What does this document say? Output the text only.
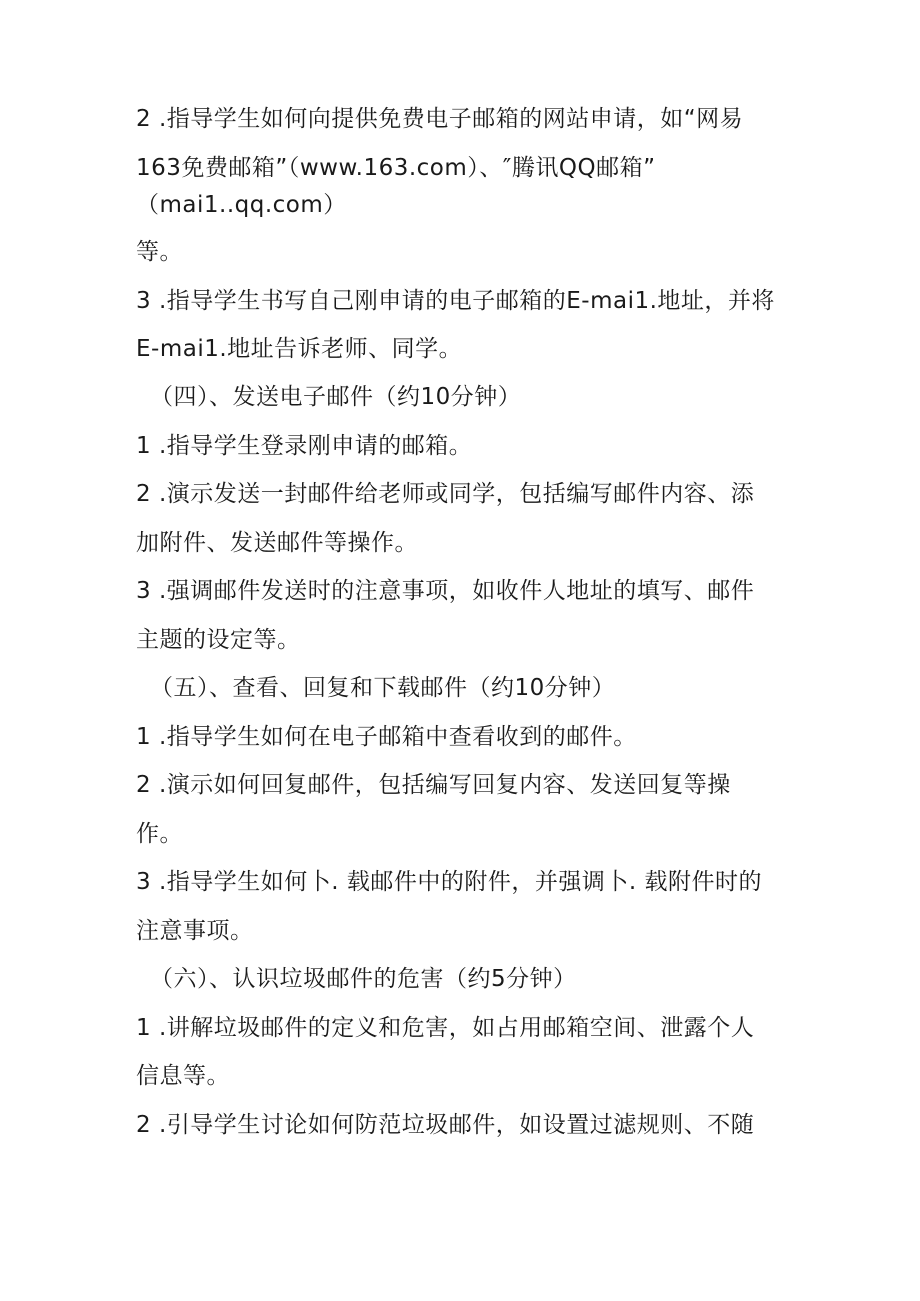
2 .指导学生如何向提供免费电子邮箱的网站申请，如“网易
163免费邮箱”（www.163.com）、″腾讯QQ邮箱”
（mai1..qq.com）
等。
3 .指导学生书写自己刚申请的电子邮箱的E-mai1.地址，并将
E-mai1.地址告诉老师、同学。
（四）、发送电子邮件（约10分钟）
1 .指导学生登录刚申请的邮箱。
2 .演示发送一封邮件给老师或同学，包括编写邮件内容、添
加附件、发送邮件等操作。
3 .强调邮件发送时的注意事项，如收件人地址的填写、邮件
主题的设定等。
（五）、查看、回复和下载邮件（约10分钟）
1 .指导学生如何在电子邮箱中查看收到的邮件。
2 .演示如何回复邮件，包括编写回复内容、发送回复等操
作。
3 .指导学生如何卜. 载邮件中的附件，并强调卜. 载附件时的
注意事项。
（六）、认识垃圾邮件的危害（约5分钟）
1 .讲解垃圾邮件的定义和危害，如占用邮箱空间、泄露个人
信息等。
2 .引导学生讨论如何防范垃圾邮件，如设置过滤规则、不随
